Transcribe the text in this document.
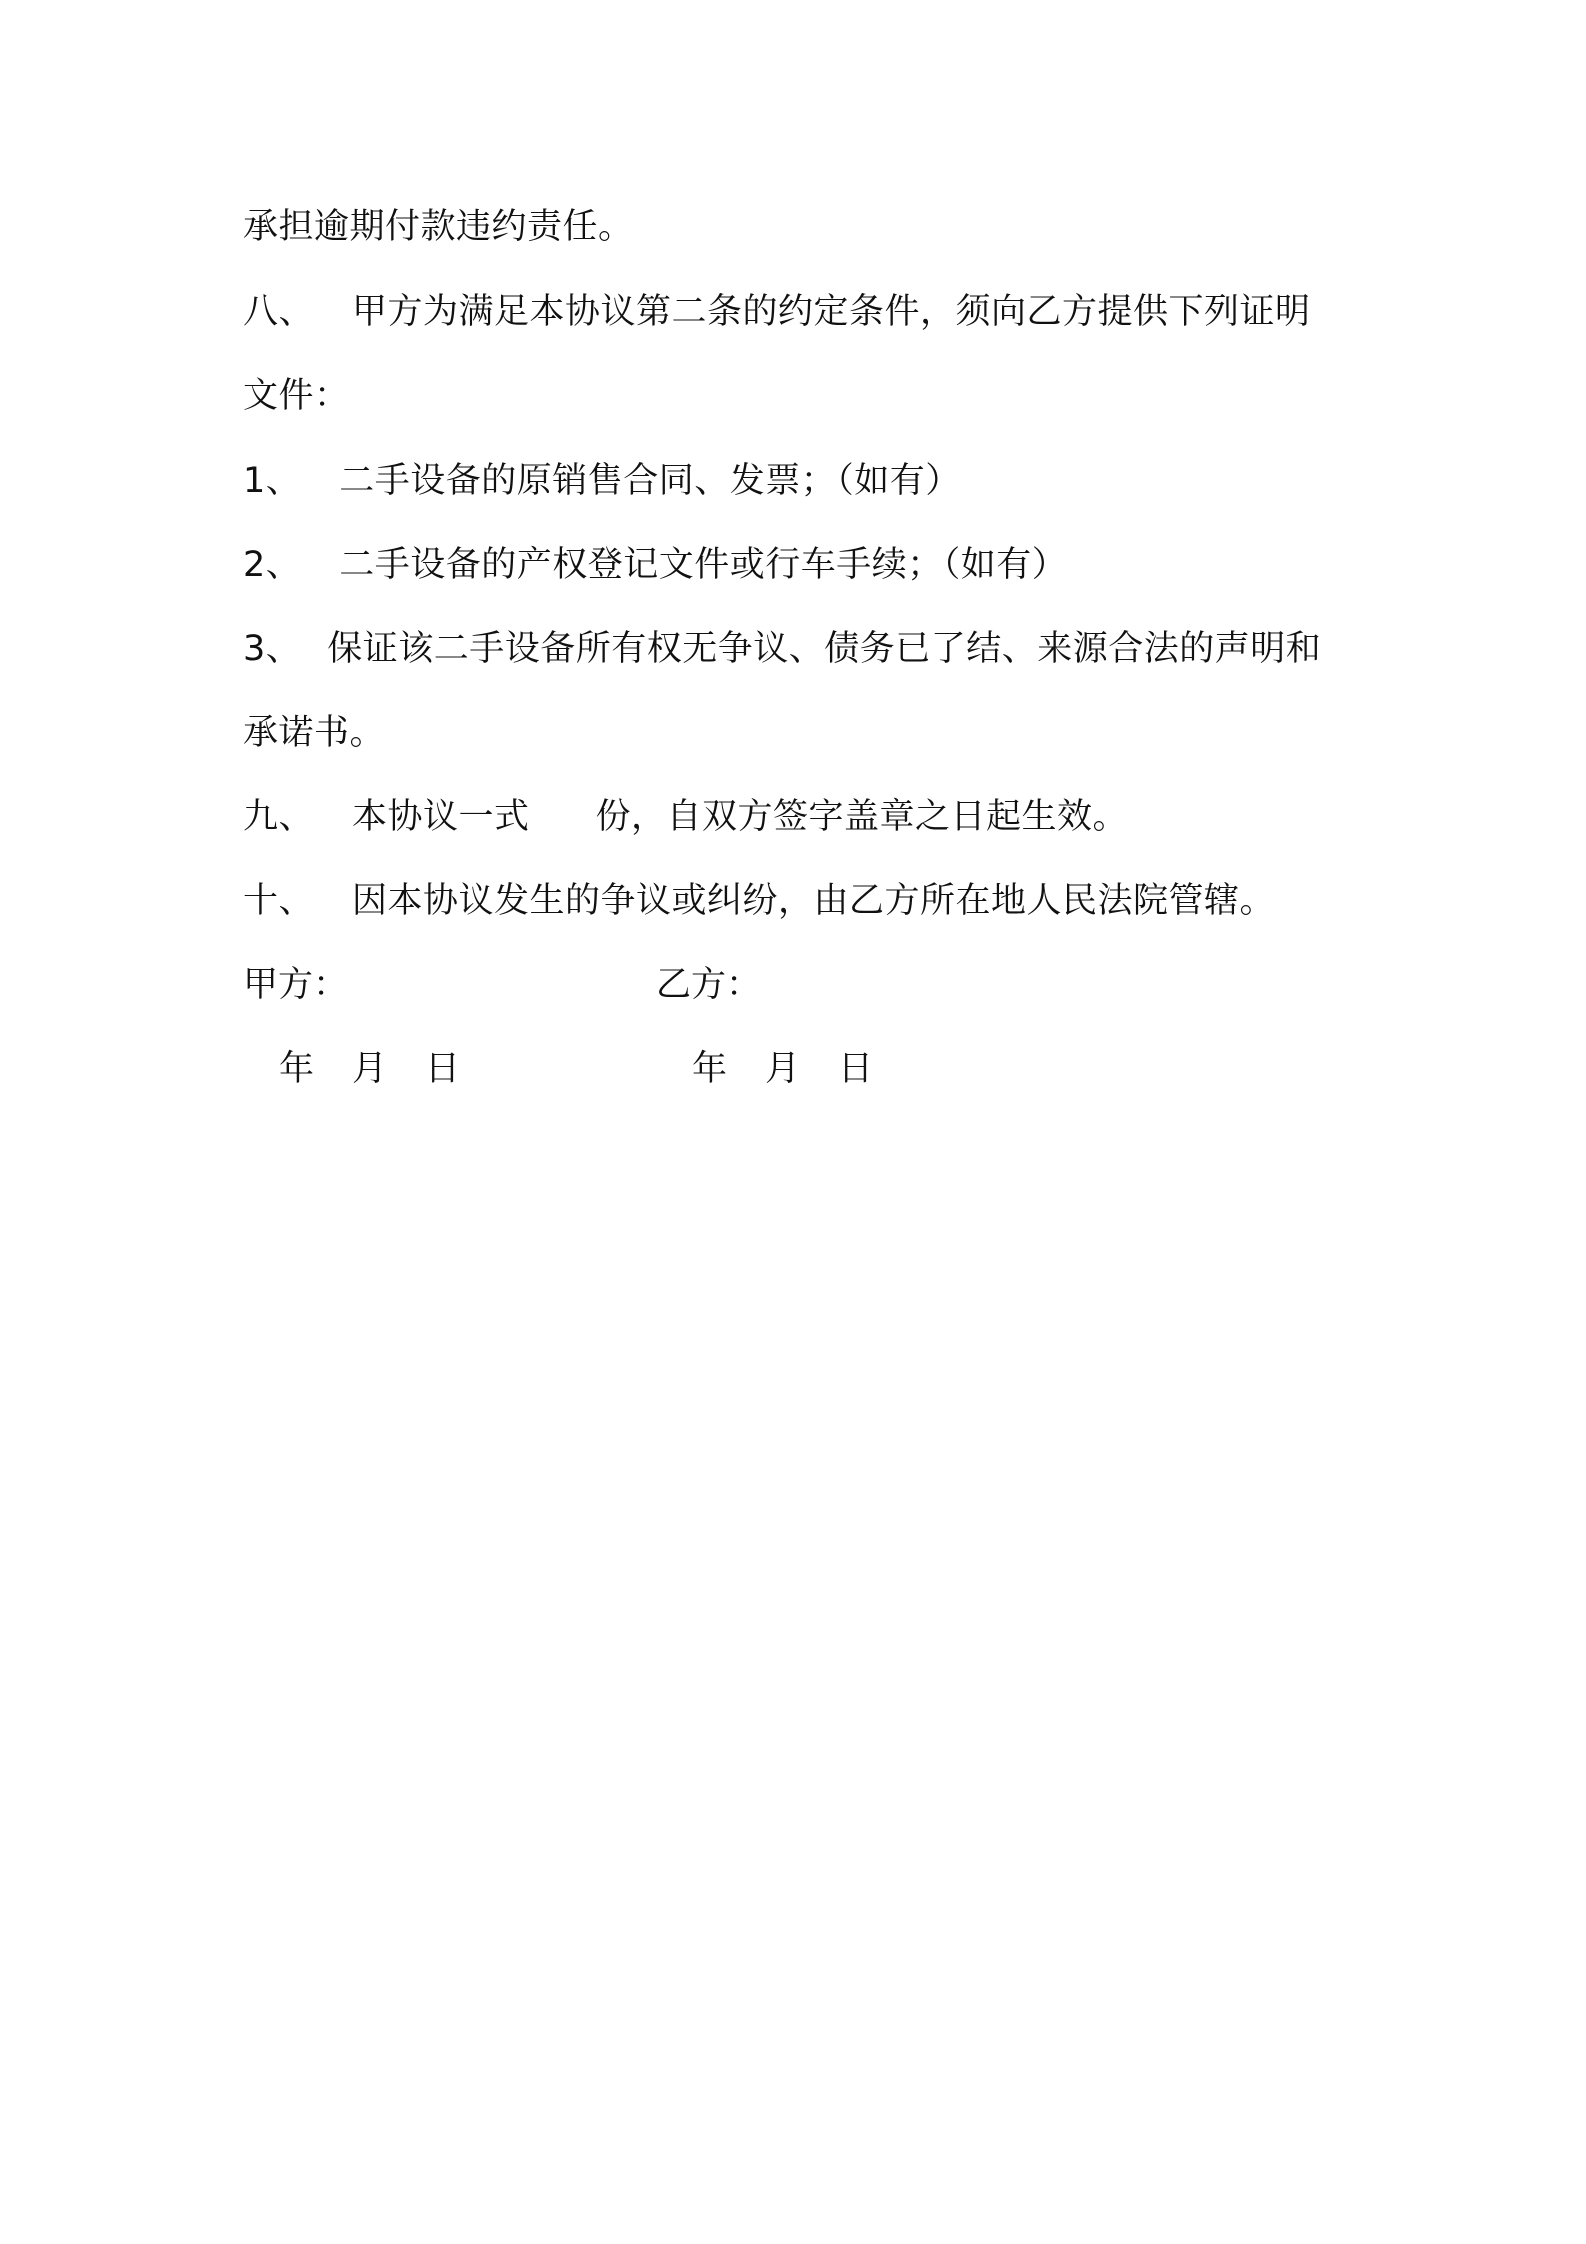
承担逾期付款违约责任。
八、 甲方为满足本协议第二条的约定条件，须向乙方提供下列证明
文件：
1、 二手设备的原销售合同、发票；（如有）
2、 二手设备的产权登记文件或行车手续；（如有）
3、 保证该二手设备所有权无争议、债务已了结、来源合法的声明和
承诺书。
九、 本协议一式 份，自双方签字盖章之日起生效。
十、 因本协议发生的争议或纠纷，由乙方所在地人民法院管辖。
甲方：	乙方：
年 月 日	年 月 日
